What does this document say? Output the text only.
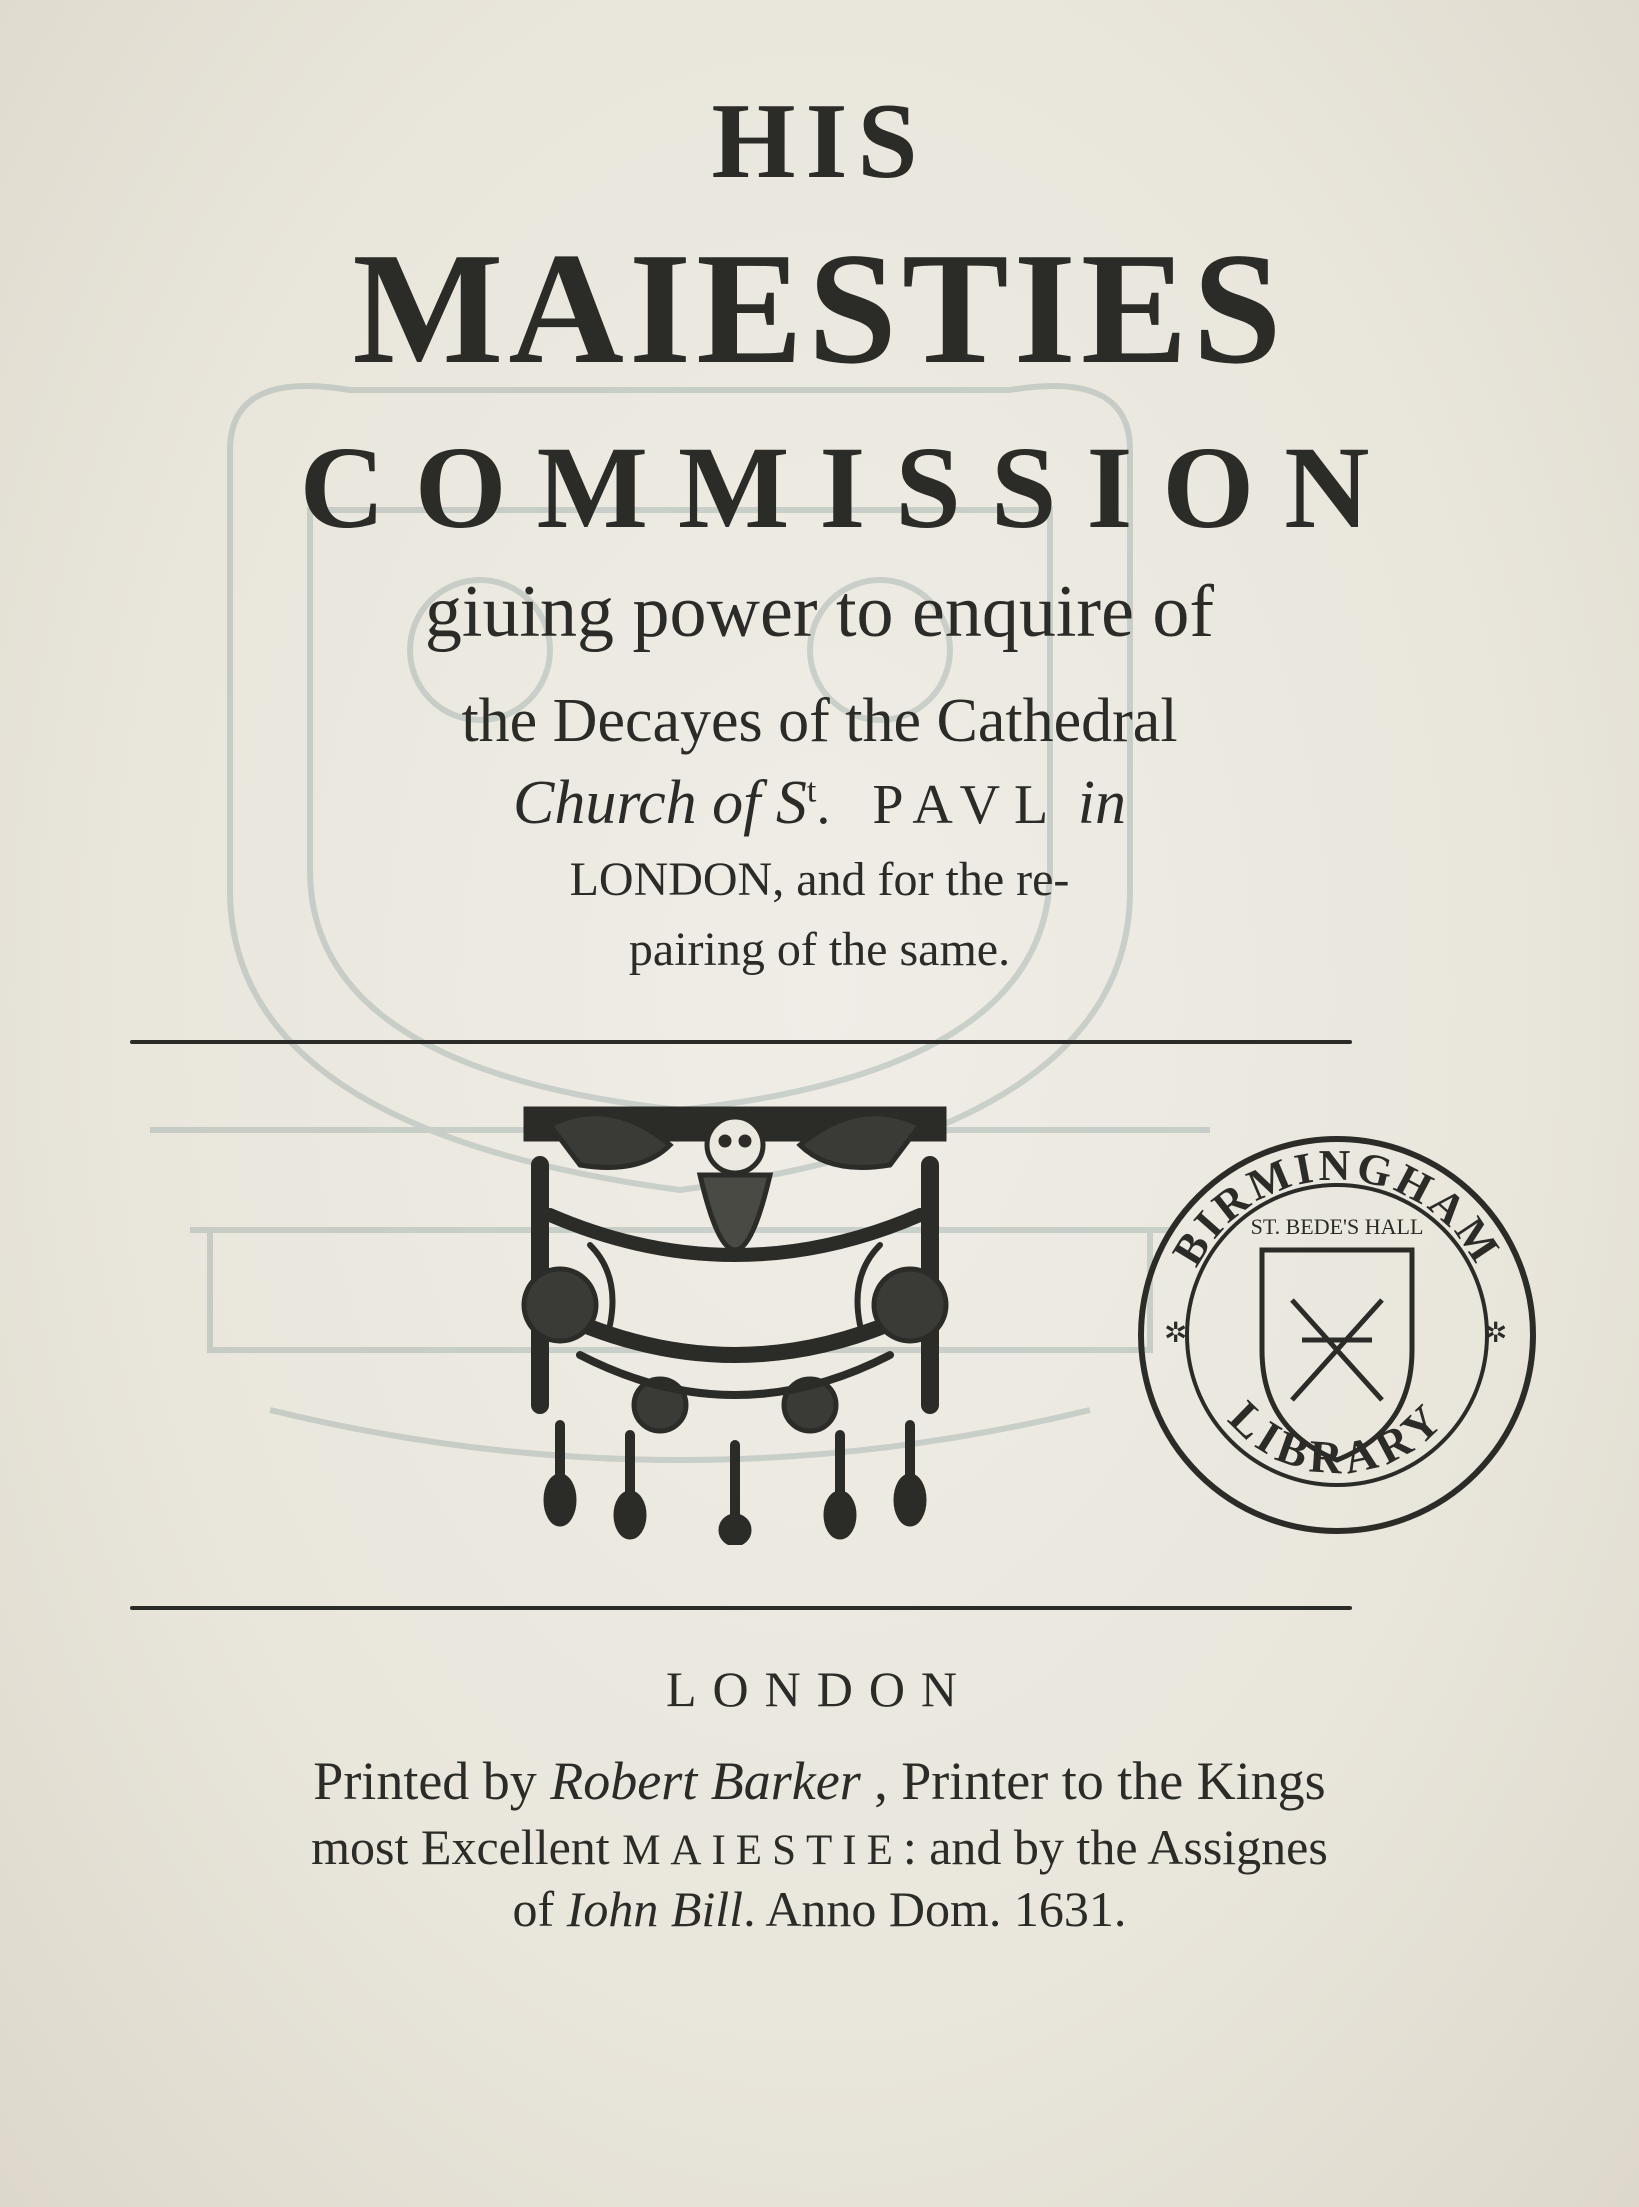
HIS
MAIESTIES
COMMISSION
giuing power to enquire of
the Decayes of the Cathedral
Church of $S^t$. PAVL in
LONDON, and for the re-
pairing of the same.
BIRMINGHAM
LIBRARY
ST. BEDE'S HALL
✲	✲
LONDON
Printed by Robert Barker , Printer to the Kings
most Excellent MAIESTIE: and by the Assignes
of Iohn Bill. Anno Dom. 1631.
